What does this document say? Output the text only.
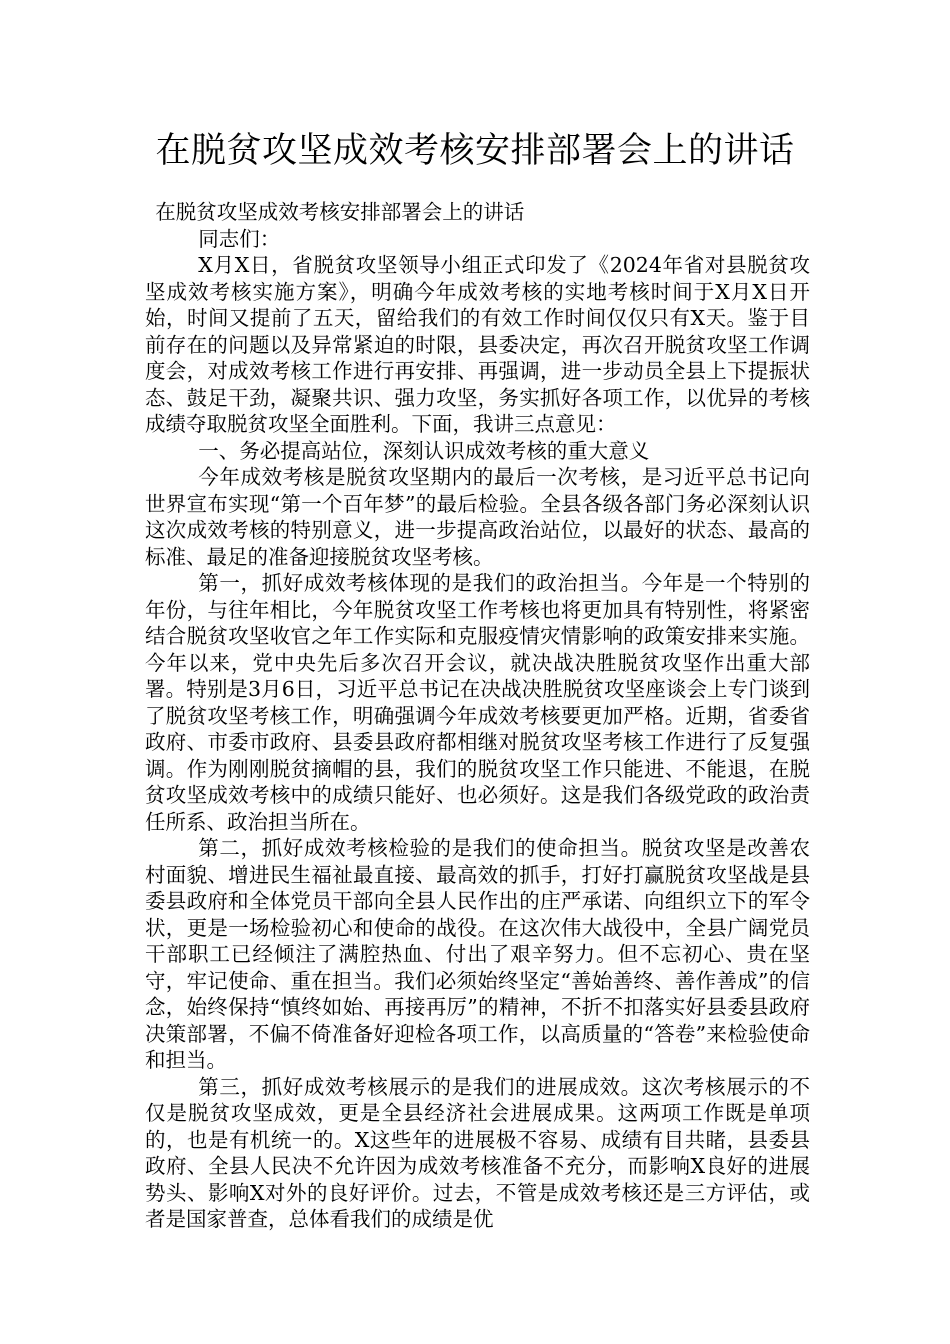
在脱贫攻坚成效考核安排部署会上的讲话

在脱贫攻坚成效考核安排部署会上的讲话

同志们：

X月X日，省脱贫攻坚领导小组正式印发了《2024年省对县脱贫攻坚成效考核实施方案》，明确今年成效考核的实地考核时间于X月X日开始，时间又提前了五天，留给我们的有效工作时间仅仅只有X天。鉴于目前存在的问题以及异常紧迫的时限，县委决定，再次召开脱贫攻坚工作调度会，对成效考核工作进行再安排、再强调，进一步动员全县上下提振状态、鼓足干劲，凝聚共识、强力攻坚，务实抓好各项工作，以优异的考核成绩夺取脱贫攻坚全面胜利。下面，我讲三点意见：

一、务必提高站位，深刻认识成效考核的重大意义

今年成效考核是脱贫攻坚期内的最后一次考核，是习近平总书记向世界宣布实现“第一个百年梦”的最后检验。全县各级各部门务必深刻认识这次成效考核的特别意义，进一步提高政治站位，以最好的状态、最高的标准、最足的准备迎接脱贫攻坚考核。

第一，抓好成效考核体现的是我们的政治担当。今年是一个特别的年份，与往年相比，今年脱贫攻坚工作考核也将更加具有特别性，将紧密结合脱贫攻坚收官之年工作实际和克服疫情灾情影响的政策安排来实施。今年以来，党中央先后多次召开会议，就决战决胜脱贫攻坚作出重大部署。特别是3月6日，习近平总书记在决战决胜脱贫攻坚座谈会上专门谈到了脱贫攻坚考核工作，明确强调今年成效考核要更加严格。近期，省委省政府、市委市政府、县委县政府都相继对脱贫攻坚考核工作进行了反复强调。作为刚刚脱贫摘帽的县，我们的脱贫攻坚工作只能进、不能退，在脱贫攻坚成效考核中的成绩只能好、也必须好。这是我们各级党政的政治责任所系、政治担当所在。

第二，抓好成效考核检验的是我们的使命担当。脱贫攻坚是改善农村面貌、增进民生福祉最直接、最高效的抓手，打好打赢脱贫攻坚战是县委县政府和全体党员干部向全县人民作出的庄严承诺、向组织立下的军令状，更是一场检验初心和使命的战役。在这次伟大战役中，全县广阔党员干部职工已经倾注了满腔热血、付出了艰辛努力。但不忘初心、贵在坚守，牢记使命、重在担当。我们必须始终坚定“善始善终、善作善成”的信念，始终保持“慎终如始、再接再厉”的精神，不折不扣落实好县委县政府决策部署，不偏不倚准备好迎检各项工作，以高质量的“答卷”来检验使命和担当。

第三，抓好成效考核展示的是我们的进展成效。这次考核展示的不仅是脱贫攻坚成效，更是全县经济社会进展成果。这两项工作既是单项的，也是有机统一的。X这些年的进展极不容易、成绩有目共睹，县委县政府、全县人民决不允许因为成效考核准备不充分，而影响X良好的进展势头、影响X对外的良好评价。过去，不管是成效考核还是三方评估，或者是国家普查，总体看我们的成绩是优
